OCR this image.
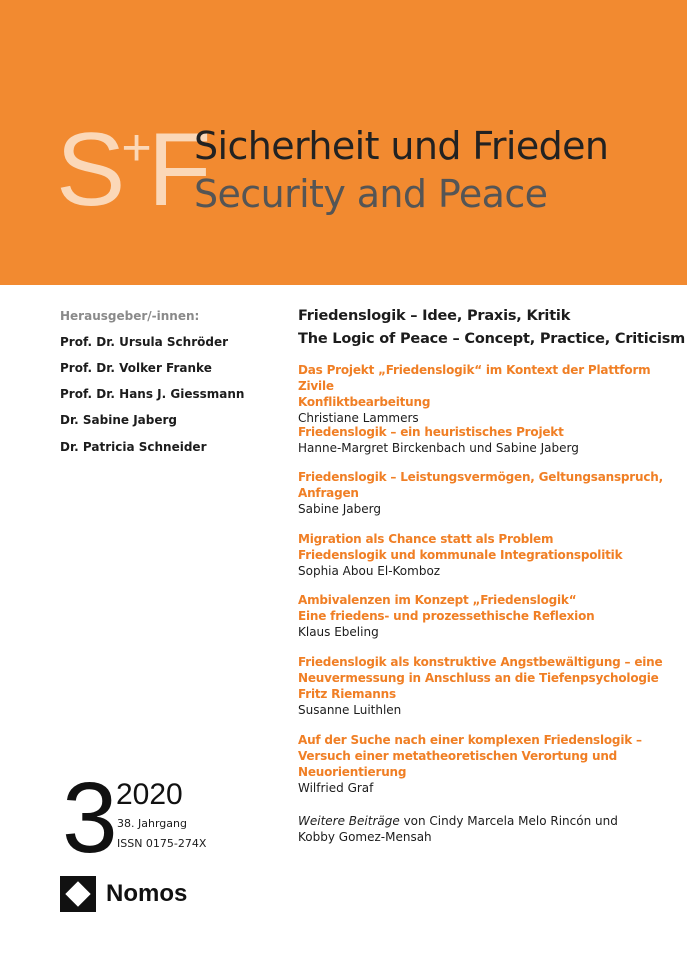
S+F
Sicherheit und Frieden
Security and Peace
Herausgeber/-innen:
Prof. Dr. Ursula Schröder
Prof. Dr. Volker Franke
Prof. Dr. Hans J. Giessmann
Dr. Sabine Jaberg
Dr. Patricia Schneider
Friedenslogik – Idee, Praxis, Kritik
The Logic of Peace – Concept, Practice, Criticism
Das Projekt „Friedenslogik“ im Kontext der Plattform Zivile
Konfliktbearbeitung
Christiane Lammers
Friedenslogik – ein heuristisches Projekt
Hanne-Margret Birckenbach und Sabine Jaberg
Friedenslogik – Leistungsvermögen, Geltungsanspruch,
Anfragen
Sabine Jaberg
Migration als Chance statt als Problem
Friedenslogik und kommunale Integrationspolitik
Sophia Abou El-Komboz
Ambivalenzen im Konzept „Friedenslogik“
Eine friedens- und prozessethische Reflexion
Klaus Ebeling
Friedenslogik als konstruktive Angstbewältigung – eine
Neuvermessung in Anschluss an die Tiefenpsychologie
Fritz Riemanns
Susanne Luithlen
Auf der Suche nach einer komplexen Friedenslogik –
Versuch einer metatheoretischen Verortung und
Neuorientierung
Wilfried Graf
Weitere Beiträge von Cindy Marcela Melo Rincón und Kobby Gomez-Mensah
3
2020
38. Jahrgang
ISSN 0175-274X
Nomos
